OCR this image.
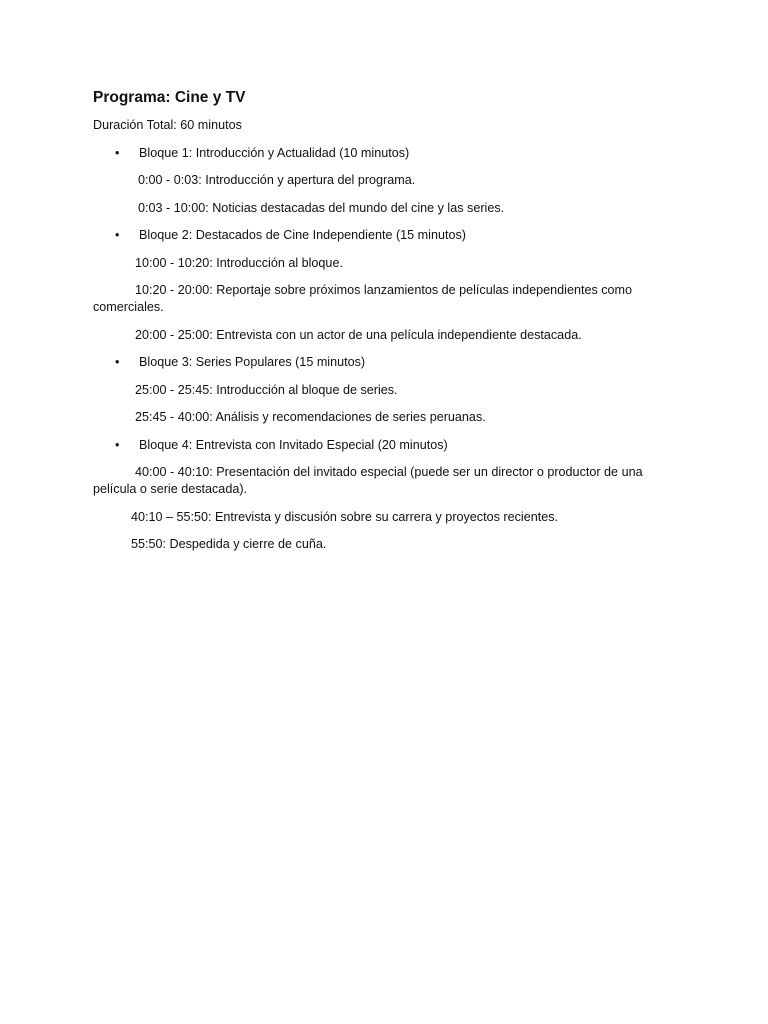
Programa: Cine y TV
Duración Total: 60 minutos
• Bloque 1: Introducción y Actualidad (10 minutos)
0:00 - 0:03: Introducción y apertura del programa.
0:03 - 10:00: Noticias destacadas del mundo del cine y las series.
• Bloque 2: Destacados de Cine Independiente (15 minutos)
10:00 - 10:20: Introducción al bloque.
10:20 - 20:00: Reportaje sobre próximos lanzamientos de películas independientes como comerciales.
20:00 - 25:00: Entrevista con un actor de una película independiente destacada.
• Bloque 3: Series Populares (15 minutos)
25:00 - 25:45: Introducción al bloque de series.
25:45 - 40:00: Análisis y recomendaciones de series peruanas.
• Bloque 4: Entrevista con Invitado Especial (20 minutos)
40:00 - 40:10: Presentación del invitado especial (puede ser un director o productor de una película o serie destacada).
40:10 – 55:50: Entrevista y discusión sobre su carrera y proyectos recientes.
55:50: Despedida y cierre de cuña.
